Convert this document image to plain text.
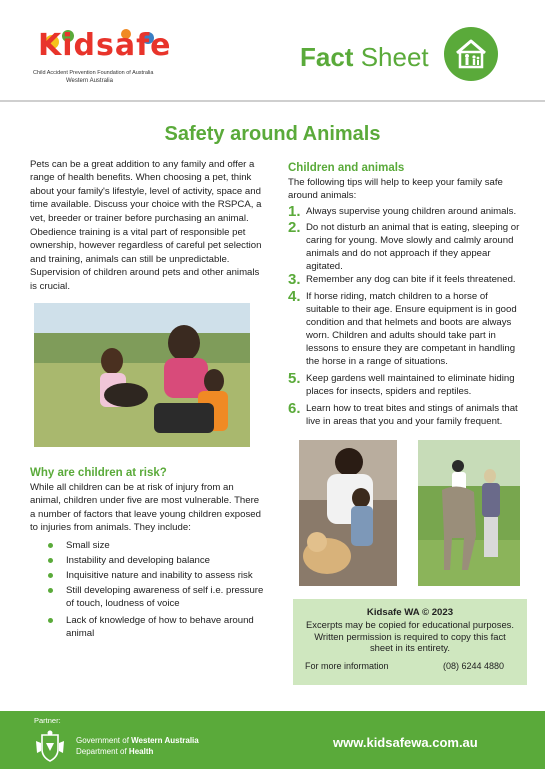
Kidsafe
Child Accident Prevention Foundation of Australia
Western Australia
Fact Sheet
Safety around Animals
Pets can be a great addition to any family and offer a range of health benefits. When choosing a pet, think about your family's lifestyle, level of activity, space and time available. Discuss your choice with the RSPCA, a vet, breeder or trainer before purchasing an animal.
Obedience training is a vital part of responsible pet ownership, however regardless of careful pet selection and training, animals can still be unpredictable. Supervision of children around pets and other animals is crucial.
Why are children at risk?
While all children can be at risk of injury from an animal, children under five are most vulnerable. There a number of factors that leave young children exposed to injuries from animals. They include:
Small size
Instability and developing balance
Inquisitive nature and inability to assess risk
Still developing awareness of self i.e. pressure of touch, loudness of voice
Lack of knowledge of how to behave around animal
Children and animals
The following tips will help to keep your family safe around animals:
1. Always supervise young children around animals.
2. Do not disturb an animal that is eating, sleeping or caring for young. Move slowly and calmly around animals and do not approach if they appear agitated.
3. Remember any dog can bite if it feels threatened.
4. If horse riding, match children to a horse of suitable to their age. Ensure equipment is in good condition and that helmets and boots are always worn. Children and adults should take part in lessons to ensure they are competant in handling the horse in a range of situations.
5. Keep gardens well maintained to eliminate hiding places for insects, spiders and reptiles.
6. Learn how to treat bites and stings of animals that live in areas that you and your family frequent.
Kidsafe WA © 2023
Excerpts may be copied for educational purposes.
Written permission is required to copy this fact
sheet in its entirety.
For more information	(08) 6244 4880
Partner:
Government of Western Australia
Department of Health
www.kidsafewa.com.au
